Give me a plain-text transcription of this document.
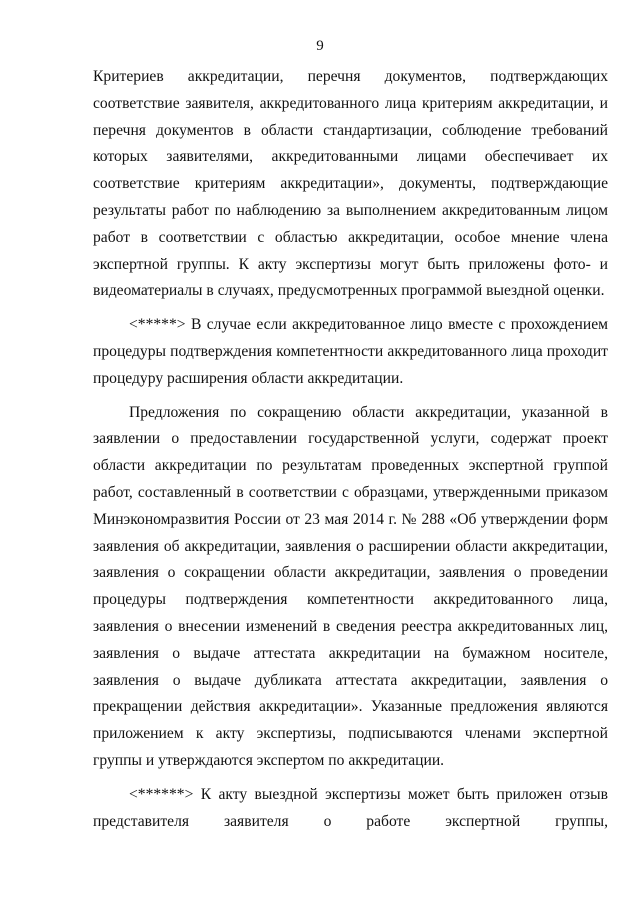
9

Критериев аккредитации, перечня документов, подтверждающих соответствие заявителя, аккредитованного лица критериям аккредитации, и перечня документов в области стандартизации, соблюдение требований которых заявителями, аккредитованными лицами обеспечивает их соответствие критериям аккредитации», документы, подтверждающие результаты работ по наблюдению за выполнением аккредитованным лицом работ в соответствии с областью аккредитации, особое мнение члена экспертной группы. К акту экспертизы могут быть приложены фото- и видеоматериалы в случаях, предусмотренных программой выездной оценки.

<*****> В случае если аккредитованное лицо вместе с прохождением процедуры подтверждения компетентности аккредитованного лица проходит процедуру расширения области аккредитации.

Предложения по сокращению области аккредитации, указанной в заявлении о предоставлении государственной услуги, содержат проект области аккредитации по результатам проведенных экспертной группой работ, составленный в соответствии с образцами, утвержденными приказом Минэкономразвития России от 23 мая 2014 г. № 288 «Об утверждении форм заявления об аккредитации, заявления о расширении области аккредитации, заявления о сокращении области аккредитации, заявления о проведении процедуры подтверждения компетентности аккредитованного лица, заявления о внесении изменений в сведения реестра аккредитованных лиц, заявления о выдаче аттестата аккредитации на бумажном носителе, заявления о выдаче дубликата аттестата аккредитации, заявления о прекращении действия аккредитации». Указанные предложения являются приложением к акту экспертизы, подписываются членами экспертной группы и утверждаются экспертом по аккредитации.

<******> К акту выездной экспертизы может быть приложен отзыв представителя заявителя о работе экспертной группы,
